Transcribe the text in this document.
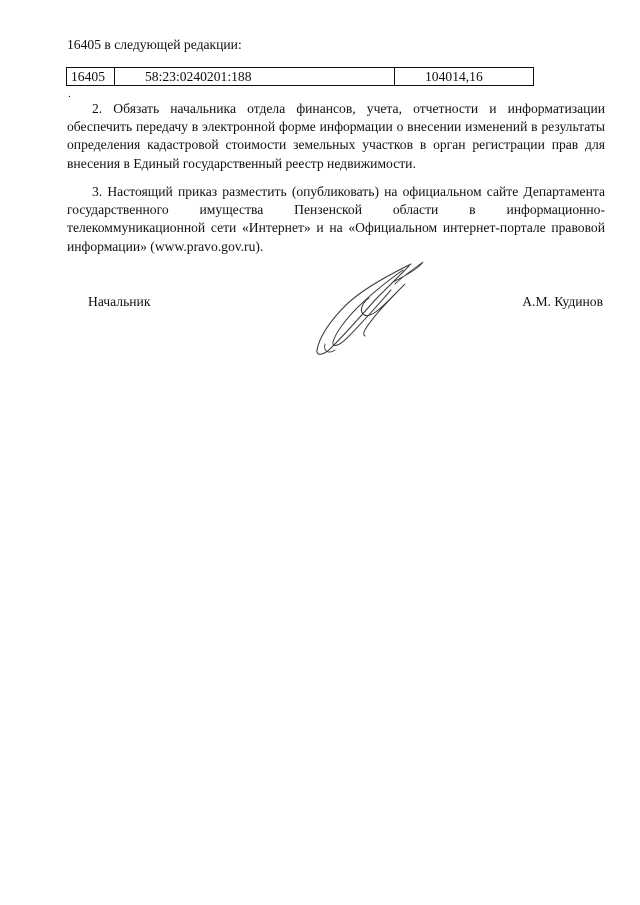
16405 в следующей редакции:
16405	58:23:0240201:188	104014,16
.

2. Обязать начальника отдела финансов, учета, отчетности и информатизации обеспечить передачу в электронной форме информации о внесении изменений в результаты определения кадастровой стоимости земельных участков в орган регистрации прав для внесения в Единый государственный реестр недвижимости.

3. Настоящий приказ разместить (опубликовать) на официальном сайте Департамента государственного имущества Пензенской области в информационно-телекоммуникационной сети «Интернет» и на «Официальном интернет-портале правовой информации» (www.pravo.gov.ru).

Начальник	А.М. Кудинов
